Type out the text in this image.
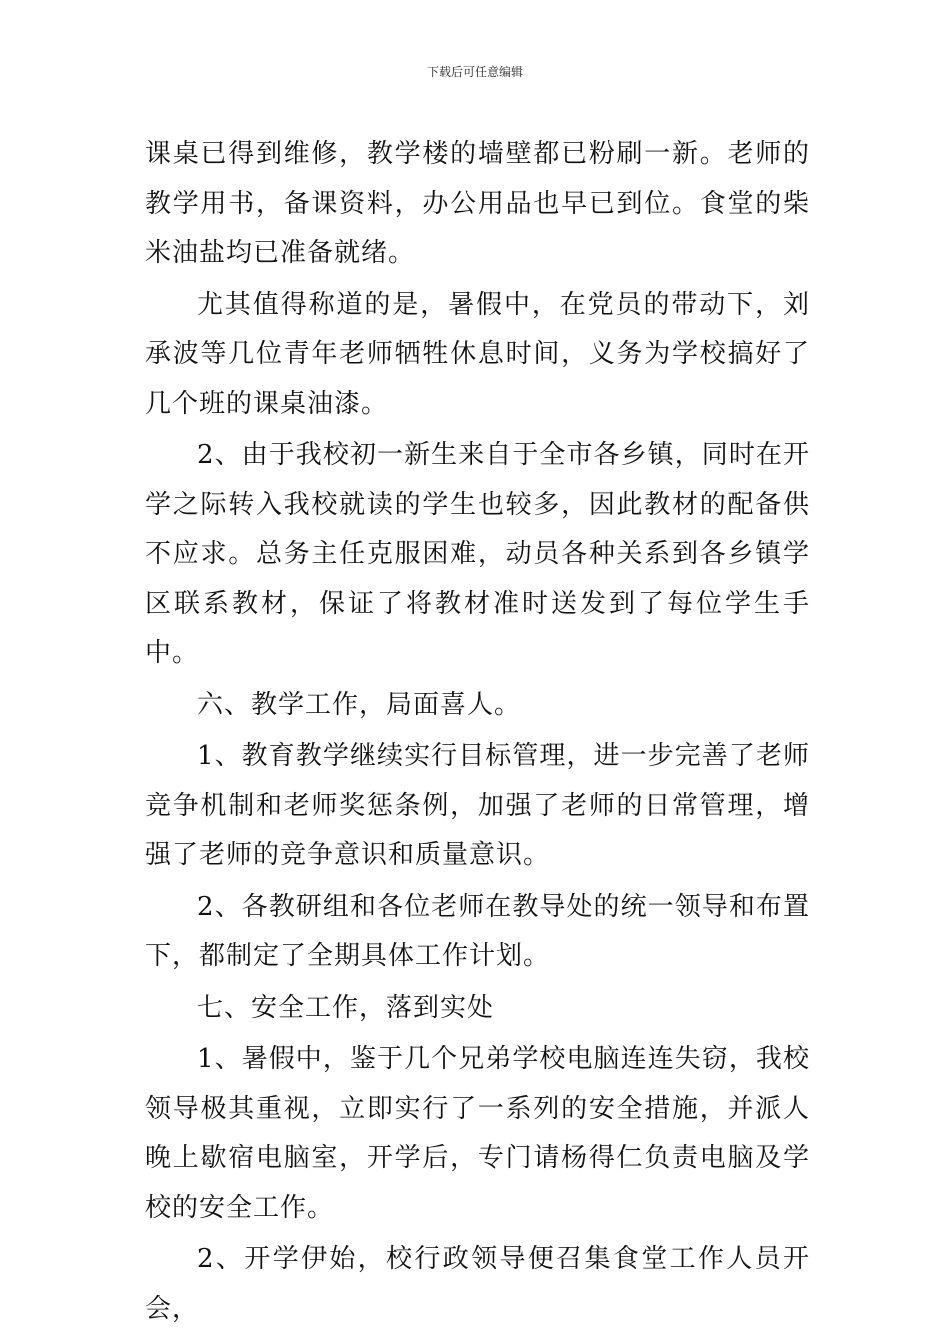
下载后可任意编辑

课桌已得到维修，教学楼的墙壁都已粉刷一新。老师的教学用书，备课资料，办公用品也早已到位。食堂的柴米油盐均已准备就绪。

尤其值得称道的是，暑假中，在党员的带动下，刘承波等几位青年老师牺牲休息时间，义务为学校搞好了几个班的课桌油漆。

2、由于我校初一新生来自于全市各乡镇，同时在开学之际转入我校就读的学生也较多，因此教材的配备供不应求。总务主任克服困难，动员各种关系到各乡镇学区联系教材，保证了将教材准时送发到了每位学生手中。

六、教学工作，局面喜人。

1、教育教学继续实行目标管理，进一步完善了老师竞争机制和老师奖惩条例，加强了老师的日常管理，增强了老师的竞争意识和质量意识。

2、各教研组和各位老师在教导处的统一领导和布置下，都制定了全期具体工作计划。

七、安全工作，落到实处

1、暑假中，鉴于几个兄弟学校电脑连连失窃，我校领导极其重视，立即实行了一系列的安全措施，并派人晚上歇宿电脑室，开学后，专门请杨得仁负责电脑及学校的安全工作。

2、开学伊始，校行政领导便召集食堂工作人员开会，
